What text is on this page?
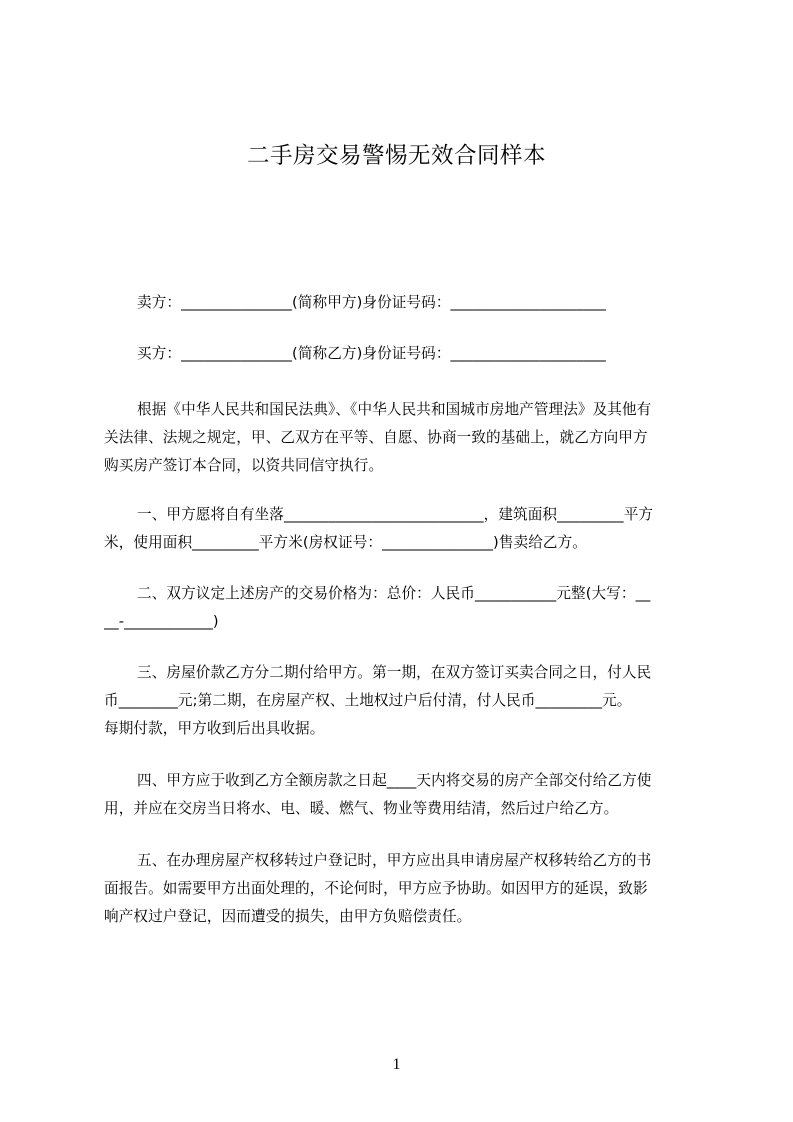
二手房交易警惕无效合同样本
卖方：_______________(简称甲方)身份证号码：_____________________
买方：_______________(简称乙方)身份证号码：_____________________
根据《中华人民共和国民法典》、《中华人民共和国城市房地产管理法》及其他有
关法律、法规之规定，甲、乙双方在平等、自愿、协商一致的基础上，就乙方向甲方
购买房产签订本合同，以资共同信守执行。
一、甲方愿将自有坐落___________________________，建筑面积_________平方
米，使用面积_________平方米(房权证号：_______________)售卖给乙方。
二、双方议定上述房产的交易价格为：总价：人民币___________元整(大写：__
__-____________)
三、房屋价款乙方分二期付给甲方。第一期，在双方签订买卖合同之日，付人民
币________元;第二期，在房屋产权、土地权过户后付清，付人民币_________元。
每期付款，甲方收到后出具收据。
四、甲方应于收到乙方全额房款之日起____天内将交易的房产全部交付给乙方使
用，并应在交房当日将水、电、暖、燃气、物业等费用结清，然后过户给乙方。
五、在办理房屋产权移转过户登记时，甲方应出具申请房屋产权移转给乙方的书
面报告。如需要甲方出面处理的，不论何时，甲方应予协助。如因甲方的延误，致影
响产权过户登记，因而遭受的损失，由甲方负赔偿责任。
1
